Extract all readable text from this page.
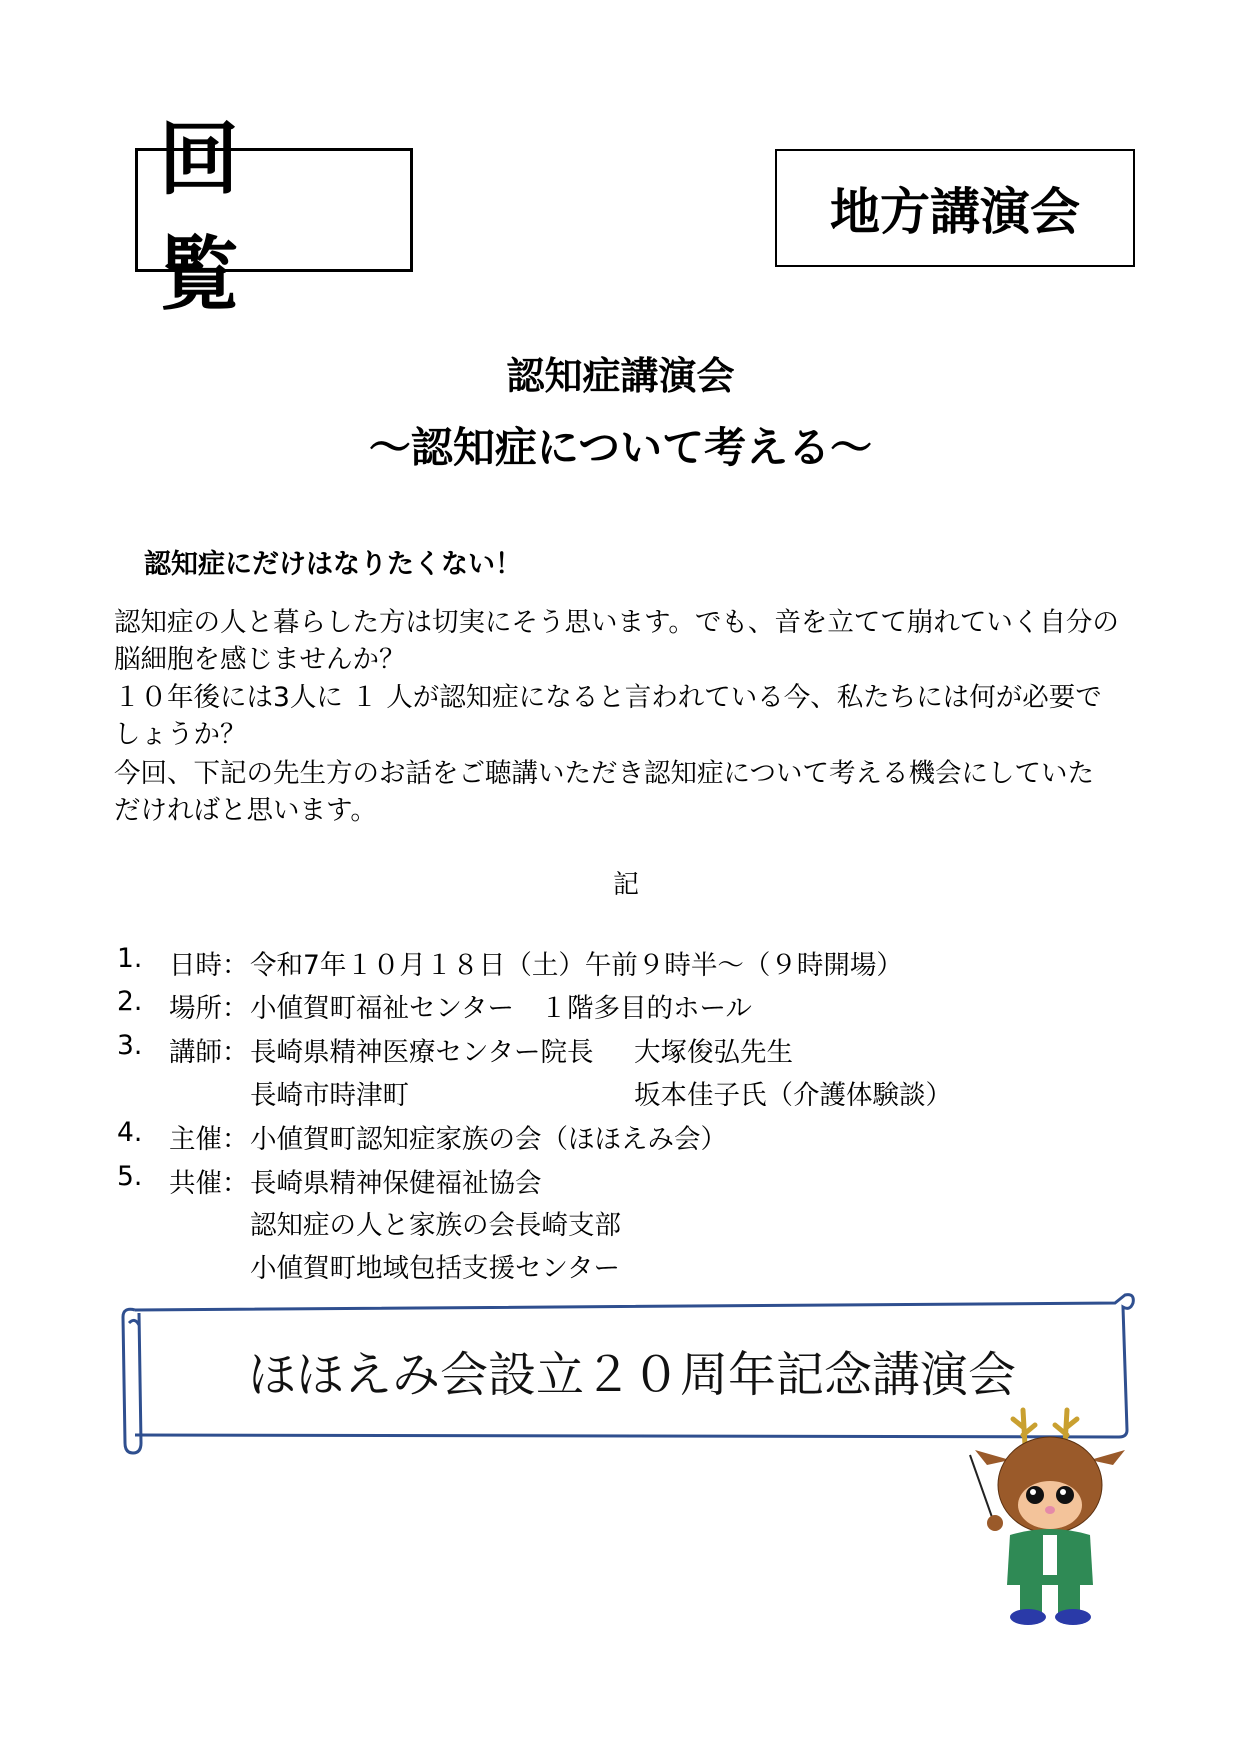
回　覧
地方講演会
認知症講演会
～認知症について考える～
認知症にだけはなりたくない！
認知症の人と暮らした方は切実にそう思います。でも、音を立てて崩れていく自分の
脳細胞を感じませんか？
１０年後には3人に １ 人が認知症になると言われている今、私たちには何が必要で
しょうか？
今回、下記の先生方のお話をご聴講いただき認知症について考える機会にしていた
だければと思います。
記
1. 日時： 令和7年１０月１８日（土）午前９時半～（９時開場）
2. 場所： 小値賀町福祉センター　１階多目的ホール
3. 講師： 長崎県精神医療センター院長 大塚俊弘先生
長崎市時津町	坂本佳子氏（介護体験談）
4. 主催： 小値賀町認知症家族の会（ほほえみ会）
5. 共催： 長崎県精神保健福祉協会
認知症の人と家族の会長崎支部
小値賀町地域包括支援センター
ほほえみ会設立２０周年記念講演会
